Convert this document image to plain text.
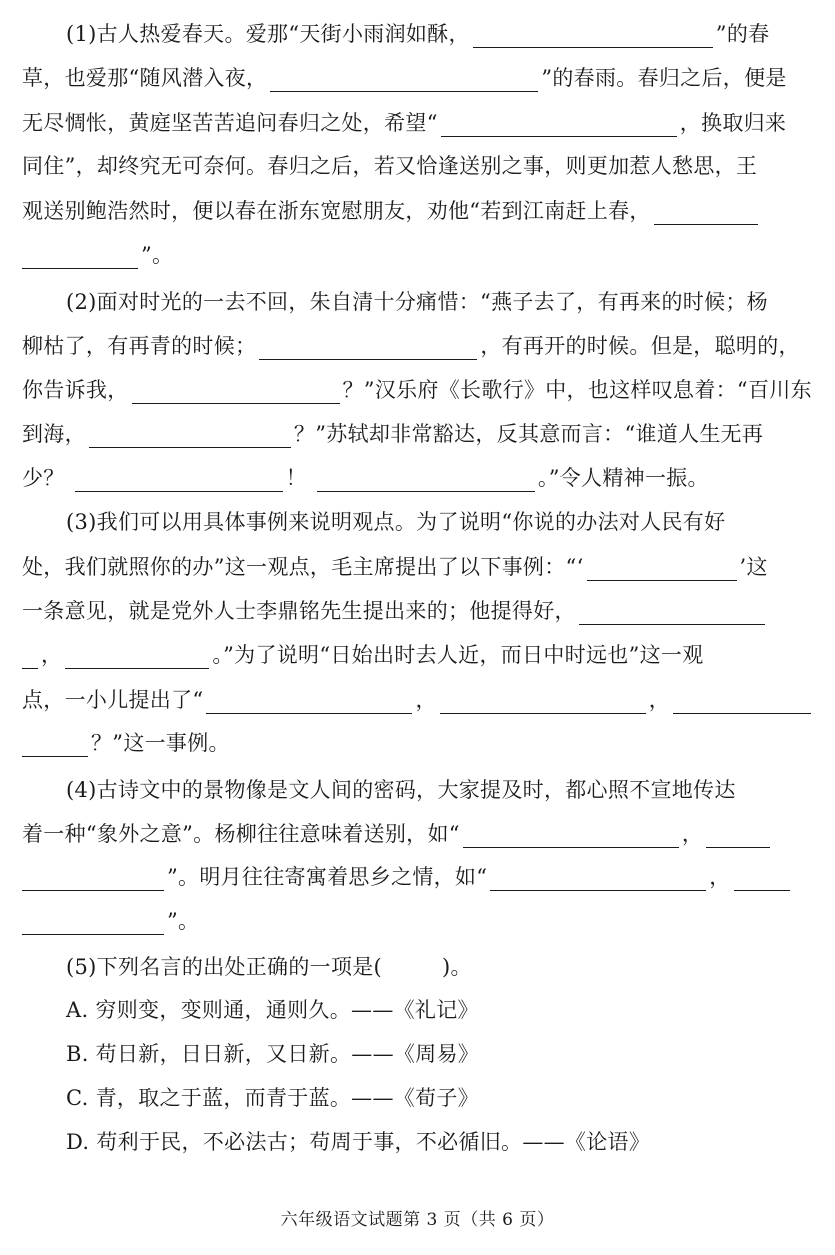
(1)古人热爱春天。爱那“天街小雨润如酥，	”的春
草，也爱那“随风潜入夜，	”的春雨。春归之后，便是
无尽惆怅，黄庭坚苦苦追问春归之处，希望“	，换取归来
同住”，却终究无可奈何。春归之后，若又恰逢送别之事，则更加惹人愁思，王
观送别鲍浩然时，便以春在浙东宽慰朋友，劝他“若到江南赶上春，
”。
(2)面对时光的一去不回，朱自清十分痛惜：“燕子去了，有再来的时候；杨
柳枯了，有再青的时候；	，有再开的时候。但是，聪明的，
你告诉我，	？”汉乐府《长歌行》中，也这样叹息着：“百川东
到海，	？”苏轼却非常豁达，反其意而言：“谁道人生无再
少？	！	。”令人精神一振。
(3)我们可以用具体事例来说明观点。为了说明“你说的办法对人民有好
处，我们就照你的办”这一观点，毛主席提出了以下事例：“‘	’这
一条意见，就是党外人士李鼎铭先生提出来的；他提得好，
，	。”为了说明“日始出时去人近，而日中时远也”这一观
点，一小儿提出了“	，	，
？”这一事例。
(4)古诗文中的景物像是文人间的密码，大家提及时，都心照不宣地传达
着一种“象外之意”。杨柳往往意味着送别，如“	，
”。明月往往寄寓着思乡之情，如“	，
”。
(5)下列名言的出处正确的一项是(	)。
A. 穷则变，变则通，通则久。——《礼记》
B. 苟日新，日日新，又日新。——《周易》
C. 青，取之于蓝，而青于蓝。——《荀子》
D. 苟利于民，不必法古；苟周于事，不必循旧。——《论语》
六年级语文试题第 3 页（共 6 页）
